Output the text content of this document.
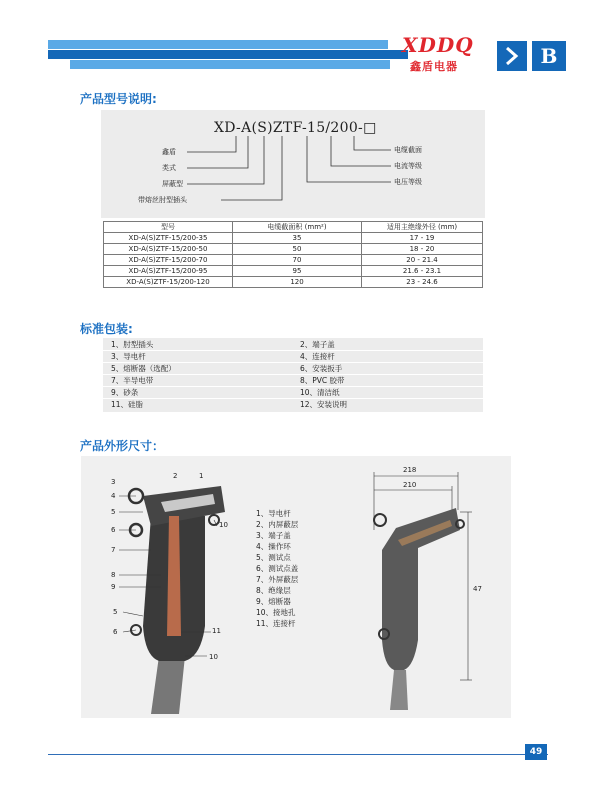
XDDQ
鑫盾电器	B
产品型号说明:
XD-A(S)ZTF-15/200-□
鑫盾
类式
屏蔽型
带熔丝肘型插头
电缆截面
电流等级
电压等级
型号	电缆截面积 (mm²)	适用主绝缘外径 (mm)
XD-A(S)ZTF-15/200-35	35	17 - 19
XD-A(S)ZTF-15/200-50	50	18 - 20
XD-A(S)ZTF-15/200-70	70	20 - 21.4
XD-A(S)ZTF-15/200-95	95	21.6 - 23.1
XD-A(S)ZTF-15/200-120	120	23 - 24.6
标准包装:
1、肘型插头	2、端子盖
3、导电杆	4、连接杆
5、熔断器（选配）	6、安装扳手
7、半导电带	8、PVC 胶带
9、砂条	10、清洁纸
11、硅脂	12、安装说明
产品外形尺寸：
3
2	1
4
5
6
7
8
9
5
6
10
11
10
1、导电杆
2、内屏蔽层
3、端子盖
4、操作环
5、测试点
6、测试点盖
7、外屏蔽层
8、绝缘层
9、熔断器
10、接地孔
11、连接杆
218
210
47
49
